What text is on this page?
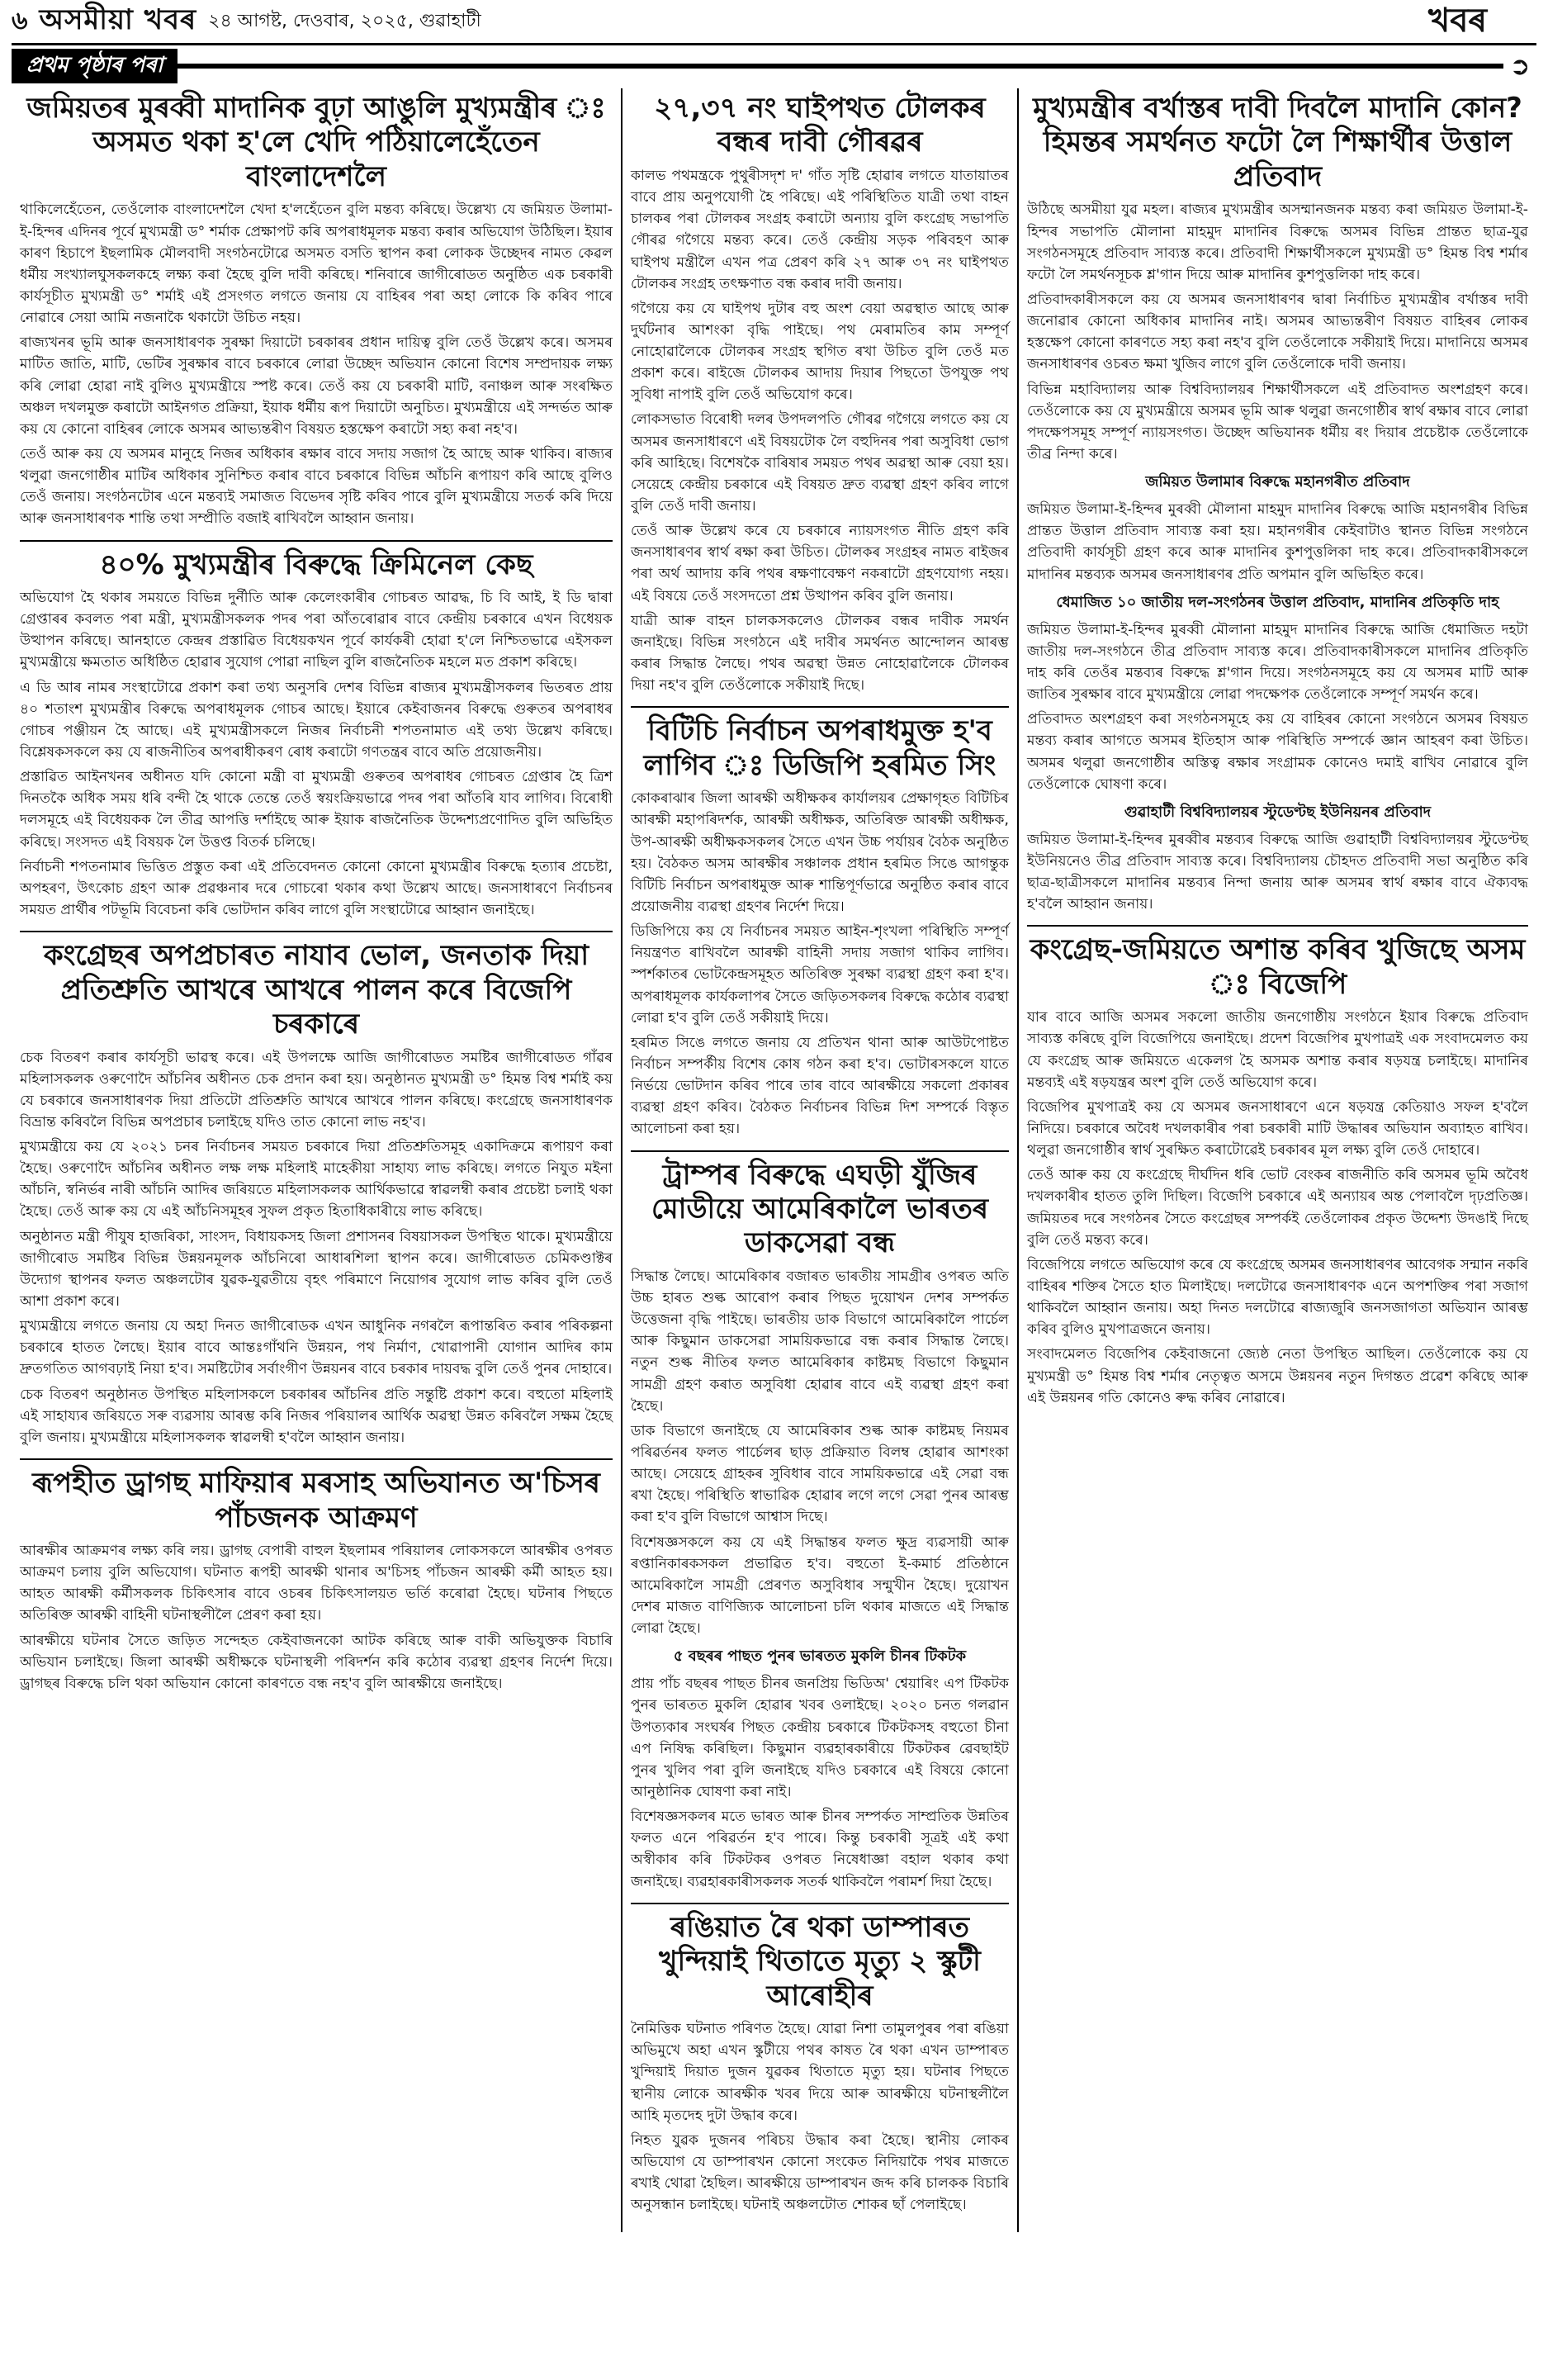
৬ অসমীয়া খবৰ ২৪ আগষ্ট, দেওবাৰ, ২০২৫, গুৱাহাটী	খবৰ
প্ৰথম পৃষ্ঠাৰ পৰা	➲
জমিয়তৰ মুৰব্বী মাদানিক বুঢ়া আঙুলি মুখ্যমন্ত্ৰীৰ ঃ অসমত থকা হ'লে খেদি পঠিয়ালেহেঁতেন বাংলাদেশলৈ

থাকিলেহেঁতেন, তেওঁলোক বাংলাদেশলৈ খেদা হ'লহেঁতেন বুলি মন্তব্য কৰিছে। উল্লেখ্য যে জমিয়ত উলামা-ই-হিন্দৰ এদিনৰ পূৰ্বে মুখ্যমন্ত্ৰী ড° শৰ্মাক প্ৰেক্ষাপট কৰি অপৰাধমূলক মন্তব্য কৰাৰ অভিযোগ উঠিছিল। ইয়াৰ কাৰণ হিচাপে ইছলামিক মৌলবাদী সংগঠনটোৱে অসমত বসতি স্থাপন কৰা লোকক উচ্ছেদৰ নামত কেৱল ধৰ্মীয় সংখ্যালঘুসকলকহে লক্ষ্য কৰা হৈছে বুলি দাবী কৰিছে। শনিবাৰে জাগীৰোডত অনুষ্ঠিত এক চৰকাৰী কাৰ্যসূচীত মুখ্যমন্ত্ৰী ড° শৰ্মাই এই প্ৰসংগত লগতে জনায় যে বাহিৰৰ পৰা অহা লোকে কি কৰিব পাৰে নোৱাৰে সেয়া আমি নজনাকৈ থকাটো উচিত নহয়।

ৰাজ্যখনৰ ভূমি আৰু জনসাধাৰণক সুৰক্ষা দিয়াটো চৰকাৰৰ প্ৰধান দায়িত্ব বুলি তেওঁ উল্লেখ কৰে। অসমৰ মাটিত জাতি, মাটি, ভেটিৰ সুৰক্ষাৰ বাবে চৰকাৰে লোৱা উচ্ছেদ অভিযান কোনো বিশেষ সম্প্ৰদায়ক লক্ষ্য কৰি লোৱা হোৱা নাই বুলিও মুখ্যমন্ত্ৰীয়ে স্পষ্ট কৰে। তেওঁ কয় যে চৰকাৰী মাটি, বনাঞ্চল আৰু সংৰক্ষিত অঞ্চল দখলমুক্ত কৰাটো আইনগত প্ৰক্ৰিয়া, ইয়াক ধৰ্মীয় ৰূপ দিয়াটো অনুচিত। মুখ্যমন্ত্ৰীয়ে এই সন্দৰ্ভত আৰু কয় যে কোনো বাহিৰৰ লোকে অসমৰ আভ্যন্তৰীণ বিষয়ত হস্তক্ষেপ কৰাটো সহ্য কৰা নহ'ব।

তেওঁ আৰু কয় যে অসমৰ মানুহে নিজৰ অধিকাৰ ৰক্ষাৰ বাবে সদায় সজাগ হৈ আছে আৰু থাকিব। ৰাজ্যৰ থলুৱা জনগোষ্ঠীৰ মাটিৰ অধিকাৰ সুনিশ্চিত কৰাৰ বাবে চৰকাৰে বিভিন্ন আঁচনি ৰূপায়ণ কৰি আছে বুলিও তেওঁ জনায়। সংগঠনটোৰ এনে মন্তব্যই সমাজত বিভেদৰ সৃষ্টি কৰিব পাৰে বুলি মুখ্যমন্ত্ৰীয়ে সতৰ্ক কৰি দিয়ে আৰু জনসাধাৰণক শান্তি তথা সম্প্ৰীতি বজাই ৰাখিবলৈ আহ্বান জনায়।

৪০% মুখ্যমন্ত্ৰীৰ বিৰুদ্ধে ক্ৰিমিনেল কেছ

অভিযোগ হৈ থকাৰ সময়তে বিভিন্ন দুৰ্নীতি আৰু কেলেংকাৰীৰ গোচৰত আৱদ্ধ, চি বি আই, ই ডি দ্বাৰা গ্ৰেপ্তাৰৰ কবলত পৰা মন্ত্ৰী, মুখ্যমন্ত্ৰীসকলক পদৰ পৰা আঁতৰোৱাৰ বাবে কেন্দ্ৰীয় চৰকাৰে এখন বিধেয়ক উত্থাপন কৰিছে। আনহাতে কেন্দ্ৰৰ প্ৰস্তাৱিত বিধেয়কখন পূৰ্বে কাৰ্যকৰী হোৱা হ'লে নিশ্চিতভাৱে এইসকল মুখ্যমন্ত্ৰীয়ে ক্ষমতাত অধিষ্ঠিত হোৱাৰ সুযোগ পোৱা নাছিল বুলি ৰাজনৈতিক মহলে মত প্ৰকাশ কৰিছে।

এ ডি আৰ নামৰ সংস্থাটোৱে প্ৰকাশ কৰা তথ্য অনুসৰি দেশৰ বিভিন্ন ৰাজ্যৰ মুখ্যমন্ত্ৰীসকলৰ ভিতৰত প্ৰায় ৪০ শতাংশ মুখ্যমন্ত্ৰীৰ বিৰুদ্ধে অপৰাধমূলক গোচৰ আছে। ইয়াৰে কেইবাজনৰ বিৰুদ্ধে গুৰুতৰ অপৰাধৰ গোচৰ পঞ্জীয়ন হৈ আছে। এই মুখ্যমন্ত্ৰীসকলে নিজৰ নিৰ্বাচনী শপতনামাত এই তথ্য উল্লেখ কৰিছে। বিশ্লেষকসকলে কয় যে ৰাজনীতিৰ অপৰাধীকৰণ ৰোধ কৰাটো গণতন্ত্ৰৰ বাবে অতি প্ৰয়োজনীয়।

প্ৰস্তাৱিত আইনখনৰ অধীনত যদি কোনো মন্ত্ৰী বা মুখ্যমন্ত্ৰী গুৰুতৰ অপৰাধৰ গোচৰত গ্ৰেপ্তাৰ হৈ ত্ৰিশ দিনতকৈ অধিক সময় ধৰি বন্দী হৈ থাকে তেন্তে তেওঁ স্বয়ংক্ৰিয়ভাৱে পদৰ পৰা আঁতৰি যাব লাগিব। বিৰোধী দলসমূহে এই বিধেয়কক লৈ তীব্ৰ আপত্তি দৰ্শাইছে আৰু ইয়াক ৰাজনৈতিক উদ্দেশ্যপ্ৰণোদিত বুলি অভিহিত কৰিছে। সংসদত এই বিষয়ক লৈ উত্তপ্ত বিতৰ্ক চলিছে।

নিৰ্বাচনী শপতনামাৰ ভিত্তিত প্ৰস্তুত কৰা এই প্ৰতিবেদনত কোনো কোনো মুখ্যমন্ত্ৰীৰ বিৰুদ্ধে হত্যাৰ প্ৰচেষ্টা, অপহৰণ, উৎকোচ গ্ৰহণ আৰু প্ৰৱঞ্চনাৰ দৰে গোচৰো থকাৰ কথা উল্লেখ আছে। জনসাধাৰণে নিৰ্বাচনৰ সময়ত প্ৰাৰ্থীৰ পটভূমি বিবেচনা কৰি ভোটদান কৰিব লাগে বুলি সংস্থাটোৱে আহ্বান জনাইছে।

কংগ্ৰেছৰ অপপ্ৰচাৰত নাযাব ভোল, জনতাক দিয়া প্ৰতিশ্ৰুতি আখৰে আখৰে পালন কৰে বিজেপি চৰকাৰে

চেক বিতৰণ কৰাৰ কাৰ্যসূচী ভাৱস্থ কৰে। এই উপলক্ষে আজি জাগীৰোডত সমষ্টিৰ জাগীৰোডত গাঁৱৰ মহিলাসকলক ওৰুণোদৈ আঁচনিৰ অধীনত চেক প্ৰদান কৰা হয়। অনুষ্ঠানত মুখ্যমন্ত্ৰী ড° হিমন্ত বিশ্ব শৰ্মাই কয় যে চৰকাৰে জনসাধাৰণক দিয়া প্ৰতিটো প্ৰতিশ্ৰুতি আখৰে আখৰে পালন কৰিছে। কংগ্ৰেছে জনসাধাৰণক বিভ্ৰান্ত কৰিবলৈ বিভিন্ন অপপ্ৰচাৰ চলাইছে যদিও তাত কোনো লাভ নহ'ব।

মুখ্যমন্ত্ৰীয়ে কয় যে ২০২১ চনৰ নিৰ্বাচনৰ সময়ত চৰকাৰে দিয়া প্ৰতিশ্ৰুতিসমূহ একাদিক্ৰমে ৰূপায়ণ কৰা হৈছে। ওৰুণোদৈ আঁচনিৰ অধীনত লক্ষ লক্ষ মহিলাই মাহেকীয়া সাহায্য লাভ কৰিছে। লগতে নিযুত মইনা আঁচনি, স্বনিৰ্ভৰ নাৰী আঁচনি আদিৰ জৰিয়তে মহিলাসকলক আৰ্থিকভাৱে স্বাৱলম্বী কৰাৰ প্ৰচেষ্টা চলাই থকা হৈছে। তেওঁ আৰু কয় যে এই আঁচনিসমূহৰ সুফল প্ৰকৃত হিতাধিকাৰীয়ে লাভ কৰিছে।

অনুষ্ঠানত মন্ত্ৰী পীযুষ হাজৰিকা, সাংসদ, বিধায়কসহ জিলা প্ৰশাসনৰ বিষয়াসকল উপস্থিত থাকে। মুখ্যমন্ত্ৰীয়ে জাগীৰোড সমষ্টিৰ বিভিন্ন উন্নয়নমূলক আঁচনিৰো আধাৰশিলা স্থাপন কৰে। জাগীৰোডত চেমিকণ্ডাক্টৰ উদ্যোগ স্থাপনৰ ফলত অঞ্চলটোৰ যুৱক-যুৱতীয়ে বৃহৎ পৰিমাণে নিয়োগৰ সুযোগ লাভ কৰিব বুলি তেওঁ আশা প্ৰকাশ কৰে।

মুখ্যমন্ত্ৰীয়ে লগতে জনায় যে অহা দিনত জাগীৰোডক এখন আধুনিক নগৰলৈ ৰূপান্তৰিত কৰাৰ পৰিকল্পনা চৰকাৰে হাতত লৈছে। ইয়াৰ বাবে আন্তঃগাঁথনি উন্নয়ন, পথ নিৰ্মাণ, খোৱাপানী যোগান আদিৰ কাম দ্ৰুতগতিত আগবঢ়াই নিয়া হ'ব। সমষ্টিটোৰ সৰ্বাংগীণ উন্নয়নৰ বাবে চৰকাৰ দায়বদ্ধ বুলি তেওঁ পুনৰ দোহাৰে।

চেক বিতৰণ অনুষ্ঠানত উপস্থিত মহিলাসকলে চৰকাৰৰ আঁচনিৰ প্ৰতি সন্তুষ্টি প্ৰকাশ কৰে। বহুতো মহিলাই এই সাহায্যৰ জৰিয়তে সৰু ব্যৱসায় আৰম্ভ কৰি নিজৰ পৰিয়ালৰ আৰ্থিক অৱস্থা উন্নত কৰিবলৈ সক্ষম হৈছে বুলি জনায়। মুখ্যমন্ত্ৰীয়ে মহিলাসকলক স্বাৱলম্বী হ'বলৈ আহ্বান জনায়।

ৰূপহীত ড্ৰাগছ মাফিয়াৰ মৰসাহ অভিযানত অ'চিসৰ পাঁচজনক আক্ৰমণ

আৰক্ষীৰ আক্ৰমণৰ লক্ষ্য কৰি লয়। ড্ৰাগছ বেপাৰী বাহুল ইছলামৰ পৰিয়ালৰ লোকসকলে আৰক্ষীৰ ওপৰত আক্ৰমণ চলায় বুলি অভিযোগ। ঘটনাত ৰূপহী আৰক্ষী থানাৰ অ'চিসহ পাঁচজন আৰক্ষী কৰ্মী আহত হয়। আহত আৰক্ষী কৰ্মীসকলক চিকিৎসাৰ বাবে ওচৰৰ চিকিৎসালয়ত ভৰ্তি কৰোৱা হৈছে। ঘটনাৰ পিছতে অতিৰিক্ত আৰক্ষী বাহিনী ঘটনাস্থলীলৈ প্ৰেৰণ কৰা হয়।

আৰক্ষীয়ে ঘটনাৰ সৈতে জড়িত সন্দেহত কেইবাজনকো আটক কৰিছে আৰু বাকী অভিযুক্তক বিচাৰি অভিযান চলাইছে। জিলা আৰক্ষী অধীক্ষকে ঘটনাস্থলী পৰিদৰ্শন কৰি কঠোৰ ব্যৱস্থা গ্ৰহণৰ নিৰ্দেশ দিয়ে। ড্ৰাগছৰ বিৰুদ্ধে চলি থকা অভিযান কোনো কাৰণতে বন্ধ নহ'ব বুলি আৰক্ষীয়ে জনাইছে।

২৭,৩৭ নং ঘাইপথত টোলকৰ বন্ধৰ দাবী গৌৰৱৰ

কালভ পথমন্ত্ৰকে পুথুৰীসদৃশ দ' গাঁত সৃষ্টি হোৱাৰ লগতে যাতায়াতৰ বাবে প্ৰায় অনুপযোগী হৈ পৰিছে। এই পৰিস্থিতিত যাত্ৰী তথা বাহন চালকৰ পৰা টোলকৰ সংগ্ৰহ কৰাটো অন্যায় বুলি কংগ্ৰেছ সভাপতি গৌৰৱ গগৈয়ে মন্তব্য কৰে। তেওঁ কেন্দ্ৰীয় সড়ক পৰিবহণ আৰু ঘাইপথ মন্ত্ৰীলৈ এখন পত্ৰ প্ৰেৰণ কৰি ২৭ আৰু ৩৭ নং ঘাইপথত টোলকৰ সংগ্ৰহ তৎক্ষণাত বন্ধ কৰাৰ দাবী জনায়।

গগৈয়ে কয় যে ঘাইপথ দুটাৰ বহু অংশ বেয়া অৱস্থাত আছে আৰু দুৰ্ঘটনাৰ আশংকা বৃদ্ধি পাইছে। পথ মেৰামতিৰ কাম সম্পূৰ্ণ নোহোৱালৈকে টোলকৰ সংগ্ৰহ স্থগিত ৰখা উচিত বুলি তেওঁ মত প্ৰকাশ কৰে। ৰাইজে টোলকৰ আদায় দিয়াৰ পিছতো উপযুক্ত পথ সুবিধা নাপাই বুলি তেওঁ অভিযোগ কৰে।

লোকসভাত বিৰোধী দলৰ উপদলপতি গৌৰৱ গগৈয়ে লগতে কয় যে অসমৰ জনসাধাৰণে এই বিষয়টোক লৈ বহুদিনৰ পৰা অসুবিধা ভোগ কৰি আহিছে। বিশেষকৈ বাৰিষাৰ সময়ত পথৰ অৱস্থা আৰু বেয়া হয়। সেয়েহে কেন্দ্ৰীয় চৰকাৰে এই বিষয়ত দ্ৰুত ব্যৱস্থা গ্ৰহণ কৰিব লাগে বুলি তেওঁ দাবী জনায়।

তেওঁ আৰু উল্লেখ কৰে যে চৰকাৰে ন্যায়সংগত নীতি গ্ৰহণ কৰি জনসাধাৰণৰ স্বাৰ্থ ৰক্ষা কৰা উচিত। টোলকৰ সংগ্ৰহৰ নামত ৰাইজৰ পৰা অৰ্থ আদায় কৰি পথৰ ৰক্ষণাবেক্ষণ নকৰাটো গ্ৰহণযোগ্য নহয়। এই বিষয়ে তেওঁ সংসদতো প্ৰশ্ন উত্থাপন কৰিব বুলি জনায়।

যাত্ৰী আৰু বাহন চালকসকলেও টোলকৰ বন্ধৰ দাবীক সমৰ্থন জনাইছে। বিভিন্ন সংগঠনে এই দাবীৰ সমৰ্থনত আন্দোলন আৰম্ভ কৰাৰ সিদ্ধান্ত লৈছে। পথৰ অৱস্থা উন্নত নোহোৱালৈকে টোলকৰ দিয়া নহ'ব বুলি তেওঁলোকে সকীয়াই দিছে।

বিটিচি নিৰ্বাচন অপৰাধমুক্ত হ'ব লাগিব ঃ ডিজিপি হৰমিত সিং

কোকৰাঝাৰ জিলা আৰক্ষী অধীক্ষকৰ কাৰ্যালয়ৰ প্ৰেক্ষাগৃহত বিটিচিৰ আৰক্ষী মহাপৰিদৰ্শক, আৰক্ষী অধীক্ষক, অতিৰিক্ত আৰক্ষী অধীক্ষক, উপ-আৰক্ষী অধীক্ষকসকলৰ সৈতে এখন উচ্চ পৰ্যায়ৰ বৈঠক অনুষ্ঠিত হয়। বৈঠকত অসম আৰক্ষীৰ সঞ্চালক প্ৰধান হৰমিত সিঙে আগন্তুক বিটিচি নিৰ্বাচন অপৰাধমুক্ত আৰু শান্তিপূৰ্ণভাৱে অনুষ্ঠিত কৰাৰ বাবে প্ৰয়োজনীয় ব্যৱস্থা গ্ৰহণৰ নিৰ্দেশ দিয়ে।

ডিজিপিয়ে কয় যে নিৰ্বাচনৰ সময়ত আইন-শৃংখলা পৰিস্থিতি সম্পূৰ্ণ নিয়ন্ত্ৰণত ৰাখিবলৈ আৰক্ষী বাহিনী সদায় সজাগ থাকিব লাগিব। স্পৰ্শকাতৰ ভোটকেন্দ্ৰসমূহত অতিৰিক্ত সুৰক্ষা ব্যৱস্থা গ্ৰহণ কৰা হ'ব। অপৰাধমূলক কাৰ্যকলাপৰ সৈতে জড়িতসকলৰ বিৰুদ্ধে কঠোৰ ব্যৱস্থা লোৱা হ'ব বুলি তেওঁ সকীয়াই দিয়ে।

হৰমিত সিঙে লগতে জনায় যে প্ৰতিখন থানা আৰু আউটপোষ্টত নিৰ্বাচন সম্পৰ্কীয় বিশেষ কোষ গঠন কৰা হ'ব। ভোটাৰসকলে যাতে নিৰ্ভয়ে ভোটদান কৰিব পাৰে তাৰ বাবে আৰক্ষীয়ে সকলো প্ৰকাৰৰ ব্যৱস্থা গ্ৰহণ কৰিব। বৈঠকত নিৰ্বাচনৰ বিভিন্ন দিশ সম্পৰ্কে বিস্তৃত আলোচনা কৰা হয়।

ট্ৰাম্পৰ বিৰুদ্ধে এঘড়ী যুঁজিৰ মোডীয়ে আমেৰিকালৈ ভাৰতৰ ডাকসেৱা বন্ধ

সিদ্ধান্ত লৈছে। আমেৰিকাৰ বজাৰত ভাৰতীয় সামগ্ৰীৰ ওপৰত অতি উচ্চ হাৰত শুল্ক আৰোপ কৰাৰ পিছত দুয়োখন দেশৰ সম্পৰ্কত উত্তেজনা বৃদ্ধি পাইছে। ভাৰতীয় ডাক বিভাগে আমেৰিকালৈ পাৰ্চেল আৰু কিছুমান ডাকসেৱা সাময়িকভাৱে বন্ধ কৰাৰ সিদ্ধান্ত লৈছে। নতুন শুল্ক নীতিৰ ফলত আমেৰিকাৰ কাষ্টমছ বিভাগে কিছুমান সামগ্ৰী গ্ৰহণ কৰাত অসুবিধা হোৱাৰ বাবে এই ব্যৱস্থা গ্ৰহণ কৰা হৈছে।

ডাক বিভাগে জনাইছে যে আমেৰিকাৰ শুল্ক আৰু কাষ্টমছ নিয়মৰ পৰিৱৰ্তনৰ ফলত পাৰ্চেলৰ ছাড় প্ৰক্ৰিয়াত বিলম্ব হোৱাৰ আশংকা আছে। সেয়েহে গ্ৰাহকৰ সুবিধাৰ বাবে সাময়িকভাৱে এই সেৱা বন্ধ ৰখা হৈছে। পৰিস্থিতি স্বাভাৱিক হোৱাৰ লগে লগে সেৱা পুনৰ আৰম্ভ কৰা হ'ব বুলি বিভাগে আশ্বাস দিছে।

বিশেষজ্ঞসকলে কয় যে এই সিদ্ধান্তৰ ফলত ক্ষুদ্ৰ ব্যৱসায়ী আৰু ৰপ্তানিকাৰকসকল প্ৰভাৱিত হ'ব। বহুতো ই-কমাৰ্চ প্ৰতিষ্ঠানে আমেৰিকালৈ সামগ্ৰী প্ৰেৰণত অসুবিধাৰ সন্মুখীন হৈছে। দুয়োখন দেশৰ মাজত বাণিজ্যিক আলোচনা চলি থকাৰ মাজতে এই সিদ্ধান্ত লোৱা হৈছে।

৫ বছৰৰ পাছত পুনৰ ভাৰতত মুকলি চীনৰ টিকটক

প্ৰায় পাঁচ বছৰৰ পাছত চীনৰ জনপ্ৰিয় ভিডিঅ' শ্বেয়াৰিং এপ টিকটক পুনৰ ভাৰতত মুকলি হোৱাৰ খবৰ ওলাইছে। ২০২০ চনত গলৱান উপত্যকাৰ সংঘৰ্ষৰ পিছত কেন্দ্ৰীয় চৰকাৰে টিকটকসহ বহুতো চীনা এপ নিষিদ্ধ কৰিছিল। কিছুমান ব্যৱহাৰকাৰীয়ে টিকটকৰ ৱেবছাইট পুনৰ খুলিব পৰা বুলি জনাইছে যদিও চৰকাৰে এই বিষয়ে কোনো আনুষ্ঠানিক ঘোষণা কৰা নাই।

বিশেষজ্ঞসকলৰ মতে ভাৰত আৰু চীনৰ সম্পৰ্কত সাম্প্ৰতিক উন্নতিৰ ফলত এনে পৰিৱৰ্তন হ'ব পাৰে। কিন্তু চৰকাৰী সূত্ৰই এই কথা অস্বীকাৰ কৰি টিকটকৰ ওপৰত নিষেধাজ্ঞা বহাল থকাৰ কথা জনাইছে। ব্যৱহাৰকাৰীসকলক সতৰ্ক থাকিবলৈ পৰামৰ্শ দিয়া হৈছে।

ৰঙিয়াত ৰৈ থকা ডাম্পাৰত খুন্দিয়াই থিতাতে মৃত্যু ২ স্কুটী আৰোহীৰ

নৈমিত্তিক ঘটনাত পৰিণত হৈছে। যোৱা নিশা তামুলপুৰৰ পৰা ৰঙিয়া অভিমুখে অহা এখন স্কুটীয়ে পথৰ কাষত ৰৈ থকা এখন ডাম্পাৰত খুন্দিয়াই দিয়াত দুজন যুৱকৰ থিতাতে মৃত্যু হয়। ঘটনাৰ পিছতে স্থানীয় লোকে আৰক্ষীক খবৰ দিয়ে আৰু আৰক্ষীয়ে ঘটনাস্থলীলৈ আহি মৃতদেহ দুটা উদ্ধাৰ কৰে।

নিহত যুৱক দুজনৰ পৰিচয় উদ্ধাৰ কৰা হৈছে। স্থানীয় লোকৰ অভিযোগ যে ডাম্পাৰখন কোনো সংকেত নিদিয়াকৈ পথৰ মাজতে ৰখাই থোৱা হৈছিল। আৰক্ষীয়ে ডাম্পাৰখন জব্দ কৰি চালকক বিচাৰি অনুসন্ধান চলাইছে। ঘটনাই অঞ্চলটোত শোকৰ ছাঁ পেলাইছে।

মুখ্যমন্ত্ৰীৰ বৰ্খাস্তৰ দাবী দিবলৈ মাদানি কোন? হিমন্তৰ সমৰ্থনত ফটো লৈ শিক্ষাৰ্থীৰ উত্তাল প্ৰতিবাদ

উঠিছে অসমীয়া যুৱ মহল। ৰাজ্যৰ মুখ্যমন্ত্ৰীৰ অসম্মানজনক মন্তব্য কৰা জমিয়ত উলামা-ই-হিন্দৰ সভাপতি মৌলানা মাহমুদ মাদানিৰ বিৰুদ্ধে অসমৰ বিভিন্ন প্ৰান্তত ছাত্ৰ-যুৱ সংগঠনসমূহে প্ৰতিবাদ সাব্যস্ত কৰে। প্ৰতিবাদী শিক্ষাৰ্থীসকলে মুখ্যমন্ত্ৰী ড° হিমন্ত বিশ্ব শৰ্মাৰ ফটো লৈ সমৰ্থনসূচক শ্ল'গান দিয়ে আৰু মাদানিৰ কুশপুত্তলিকা দাহ কৰে।

প্ৰতিবাদকাৰীসকলে কয় যে অসমৰ জনসাধাৰণৰ দ্বাৰা নিৰ্বাচিত মুখ্যমন্ত্ৰীৰ বৰ্খাস্তৰ দাবী জনোৱাৰ কোনো অধিকাৰ মাদানিৰ নাই। অসমৰ আভ্যন্তৰীণ বিষয়ত বাহিৰৰ লোকৰ হস্তক্ষেপ কোনো কাৰণতে সহ্য কৰা নহ'ব বুলি তেওঁলোকে সকীয়াই দিয়ে। মাদানিয়ে অসমৰ জনসাধাৰণৰ ওচৰত ক্ষমা খুজিব লাগে বুলি তেওঁলোকে দাবী জনায়।

বিভিন্ন মহাবিদ্যালয় আৰু বিশ্ববিদ্যালয়ৰ শিক্ষাৰ্থীসকলে এই প্ৰতিবাদত অংশগ্ৰহণ কৰে। তেওঁলোকে কয় যে মুখ্যমন্ত্ৰীয়ে অসমৰ ভূমি আৰু থলুৱা জনগোষ্ঠীৰ স্বাৰ্থ ৰক্ষাৰ বাবে লোৱা পদক্ষেপসমূহ সম্পূৰ্ণ ন্যায়সংগত। উচ্ছেদ অভিযানক ধৰ্মীয় ৰং দিয়াৰ প্ৰচেষ্টাক তেওঁলোকে তীব্ৰ নিন্দা কৰে।

জমিয়ত উলামাৰ বিৰুদ্ধে মহানগৰীত প্ৰতিবাদ

জমিয়ত উলামা-ই-হিন্দৰ মুৰব্বী মৌলানা মাহমুদ মাদানিৰ বিৰুদ্ধে আজি মহানগৰীৰ বিভিন্ন প্ৰান্তত উত্তাল প্ৰতিবাদ সাব্যস্ত কৰা হয়। মহানগৰীৰ কেইবাটাও স্থানত বিভিন্ন সংগঠনে প্ৰতিবাদী কাৰ্যসূচী গ্ৰহণ কৰে আৰু মাদানিৰ কুশপুত্তলিকা দাহ কৰে। প্ৰতিবাদকাৰীসকলে মাদানিৰ মন্তব্যক অসমৰ জনসাধাৰণৰ প্ৰতি অপমান বুলি অভিহিত কৰে।

ধেমাজিত ১০ জাতীয় দল-সংগঠনৰ উত্তাল প্ৰতিবাদ, মাদানিৰ প্ৰতিকৃতি দাহ

জমিয়ত উলামা-ই-হিন্দৰ মুৰব্বী মৌলানা মাহমুদ মাদানিৰ বিৰুদ্ধে আজি ধেমাজিত দহটা জাতীয় দল-সংগঠনে তীব্ৰ প্ৰতিবাদ সাব্যস্ত কৰে। প্ৰতিবাদকাৰীসকলে মাদানিৰ প্ৰতিকৃতি দাহ কৰি তেওঁৰ মন্তব্যৰ বিৰুদ্ধে শ্ল'গান দিয়ে। সংগঠনসমূহে কয় যে অসমৰ মাটি আৰু জাতিৰ সুৰক্ষাৰ বাবে মুখ্যমন্ত্ৰীয়ে লোৱা পদক্ষেপক তেওঁলোকে সম্পূৰ্ণ সমৰ্থন কৰে।

প্ৰতিবাদত অংশগ্ৰহণ কৰা সংগঠনসমূহে কয় যে বাহিৰৰ কোনো সংগঠনে অসমৰ বিষয়ত মন্তব্য কৰাৰ আগতে অসমৰ ইতিহাস আৰু পৰিস্থিতি সম্পৰ্কে জ্ঞান আহৰণ কৰা উচিত। অসমৰ থলুৱা জনগোষ্ঠীৰ অস্তিত্ব ৰক্ষাৰ সংগ্ৰামক কোনেও দমাই ৰাখিব নোৱাৰে বুলি তেওঁলোকে ঘোষণা কৰে।

গুৱাহাটী বিশ্ববিদ্যালয়ৰ স্টুডেণ্টছ ইউনিয়নৰ প্ৰতিবাদ

জমিয়ত উলামা-ই-হিন্দৰ মুৰব্বীৰ মন্তব্যৰ বিৰুদ্ধে আজি গুৱাহাটী বিশ্ববিদ্যালয়ৰ স্টুডেণ্টছ ইউনিয়নেও তীব্ৰ প্ৰতিবাদ সাব্যস্ত কৰে। বিশ্ববিদ্যালয় চৌহদত প্ৰতিবাদী সভা অনুষ্ঠিত কৰি ছাত্ৰ-ছাত্ৰীসকলে মাদানিৰ মন্তব্যৰ নিন্দা জনায় আৰু অসমৰ স্বাৰ্থ ৰক্ষাৰ বাবে ঐক্যবদ্ধ হ'বলৈ আহ্বান জনায়।

কংগ্ৰেছ-জমিয়তে অশান্ত কৰিব খুজিছে অসম ঃ বিজেপি

যাৰ বাবে আজি অসমৰ সকলো জাতীয় জনগোষ্ঠীয় সংগঠনে ইয়াৰ বিৰুদ্ধে প্ৰতিবাদ সাব্যস্ত কৰিছে বুলি বিজেপিয়ে জনাইছে। প্ৰদেশ বিজেপিৰ মুখপাত্ৰই এক সংবাদমেলত কয় যে কংগ্ৰেছ আৰু জমিয়তে একেলগ হৈ অসমক অশান্ত কৰাৰ ষড়যন্ত্ৰ চলাইছে। মাদানিৰ মন্তব্যই এই ষড়যন্ত্ৰৰ অংশ বুলি তেওঁ অভিযোগ কৰে।

বিজেপিৰ মুখপাত্ৰই কয় যে অসমৰ জনসাধাৰণে এনে ষড়যন্ত্ৰ কেতিয়াও সফল হ'বলৈ নিদিয়ে। চৰকাৰে অবৈধ দখলকাৰীৰ পৰা চৰকাৰী মাটি উদ্ধাৰৰ অভিযান অব্যাহত ৰাখিব। থলুৱা জনগোষ্ঠীৰ স্বাৰ্থ সুৰক্ষিত কৰাটোৱেই চৰকাৰৰ মূল লক্ষ্য বুলি তেওঁ দোহাৰে।

তেওঁ আৰু কয় যে কংগ্ৰেছে দীৰ্ঘদিন ধৰি ভোট বেংকৰ ৰাজনীতি কৰি অসমৰ ভূমি অবৈধ দখলকাৰীৰ হাতত তুলি দিছিল। বিজেপি চৰকাৰে এই অন্যায়ৰ অন্ত পেলাবলৈ দৃঢ়প্ৰতিজ্ঞ। জমিয়তৰ দৰে সংগঠনৰ সৈতে কংগ্ৰেছৰ সম্পৰ্কই তেওঁলোকৰ প্ৰকৃত উদ্দেশ্য উদঙাই দিছে বুলি তেওঁ মন্তব্য কৰে।

বিজেপিয়ে লগতে অভিযোগ কৰে যে কংগ্ৰেছে অসমৰ জনসাধাৰণৰ আবেগক সন্মান নকৰি বাহিৰৰ শক্তিৰ সৈতে হাত মিলাইছে। দলটোৱে জনসাধাৰণক এনে অপশক্তিৰ পৰা সজাগ থাকিবলৈ আহ্বান জনায়। অহা দিনত দলটোৱে ৰাজ্যজুৰি জনসজাগতা অভিযান আৰম্ভ কৰিব বুলিও মুখপাত্ৰজনে জনায়।

সংবাদমেলত বিজেপিৰ কেইবাজনো জ্যেষ্ঠ নেতা উপস্থিত আছিল। তেওঁলোকে কয় যে মুখ্যমন্ত্ৰী ড° হিমন্ত বিশ্ব শৰ্মাৰ নেতৃত্বত অসমে উন্নয়নৰ নতুন দিগন্তত প্ৰৱেশ কৰিছে আৰু এই উন্নয়নৰ গতি কোনেও ৰুদ্ধ কৰিব নোৱাৰে।
